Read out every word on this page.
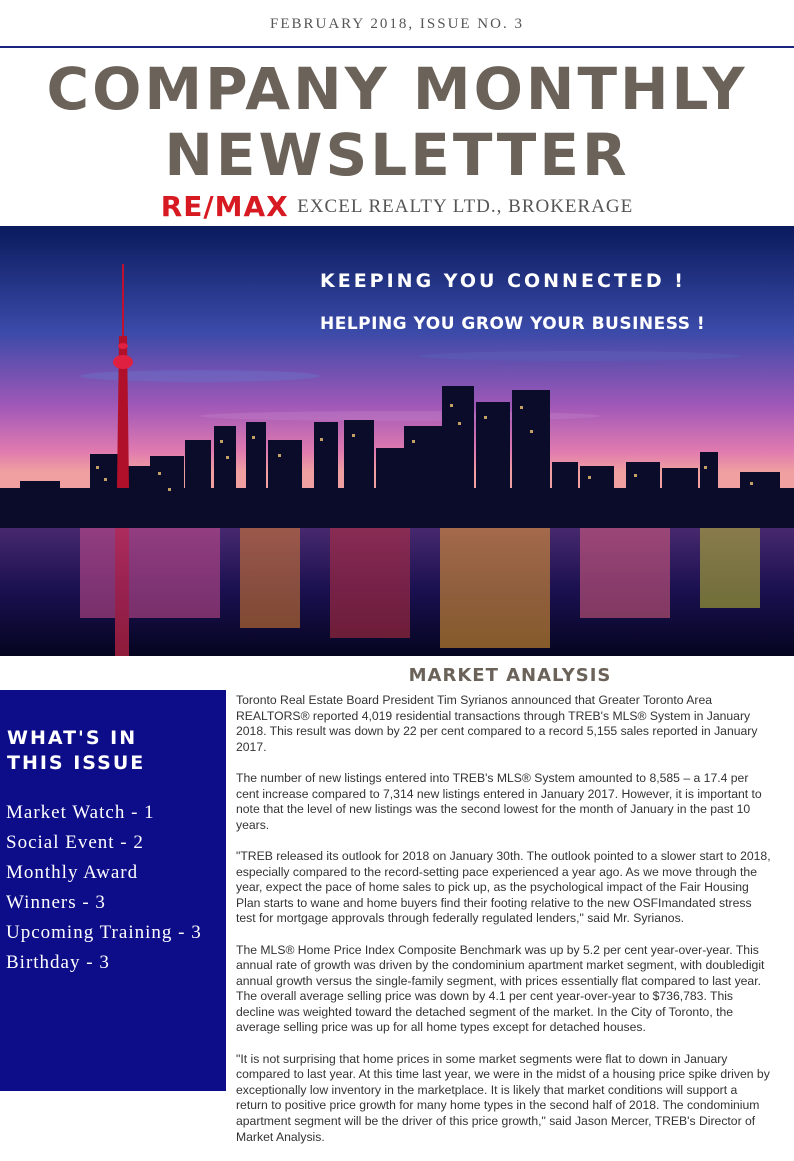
FEBRUARY 2018, ISSUE NO. 3
COMPANY MONTHLY
NEWSLETTER
RE/MAX EXCEL REALTY LTD., BROKERAGE
KEEPING YOU CONNECTED !
HELPING YOU GROW YOUR BUSINESS !
MARKET ANALYSIS
WHAT'S IN
THIS ISSUE
Market Watch - 1
Social Event - 2
Monthly Award
Winners - 3
Upcoming Training - 3
Birthday - 3

Toronto Real Estate Board President Tim Syrianos announced that Greater Toronto Area REALTORS® reported 4,019 residential transactions through TREB's MLS® System in January 2018. This result was down by 22 per cent compared to a record 5,155 sales reported in January 2017.

The number of new listings entered into TREB's MLS® System amounted to 8,585 – a 17.4 per cent increase compared to 7,314 new listings entered in January 2017. However, it is important to note that the level of new listings was the second lowest for the month of January in the past 10 years.

"TREB released its outlook for 2018 on January 30th. The outlook pointed to a slower start to 2018, especially compared to the record-setting pace experienced a year ago. As we move through the year, expect the pace of home sales to pick up, as the psychological impact of the Fair Housing Plan starts to wane and home buyers find their footing relative to the new OSFImandated stress test for mortgage approvals through federally regulated lenders," said Mr. Syrianos.

The MLS® Home Price Index Composite Benchmark was up by 5.2 per cent year-over-year. This annual rate of growth was driven by the condominium apartment market segment, with doubledigit annual growth versus the single-family segment, with prices essentially flat compared to last year. The overall average selling price was down by 4.1 per cent year-over-year to $736,783. This decline was weighted toward the detached segment of the market. In the City of Toronto, the average selling price was up for all home types except for detached houses.

"It is not surprising that home prices in some market segments were flat to down in January compared to last year. At this time last year, we were in the midst of a housing price spike driven by exceptionally low inventory in the marketplace. It is likely that market conditions will support a return to positive price growth for many home types in the second half of 2018. The condominium apartment segment will be the driver of this price growth," said Jason Mercer, TREB's Director of Market Analysis.
